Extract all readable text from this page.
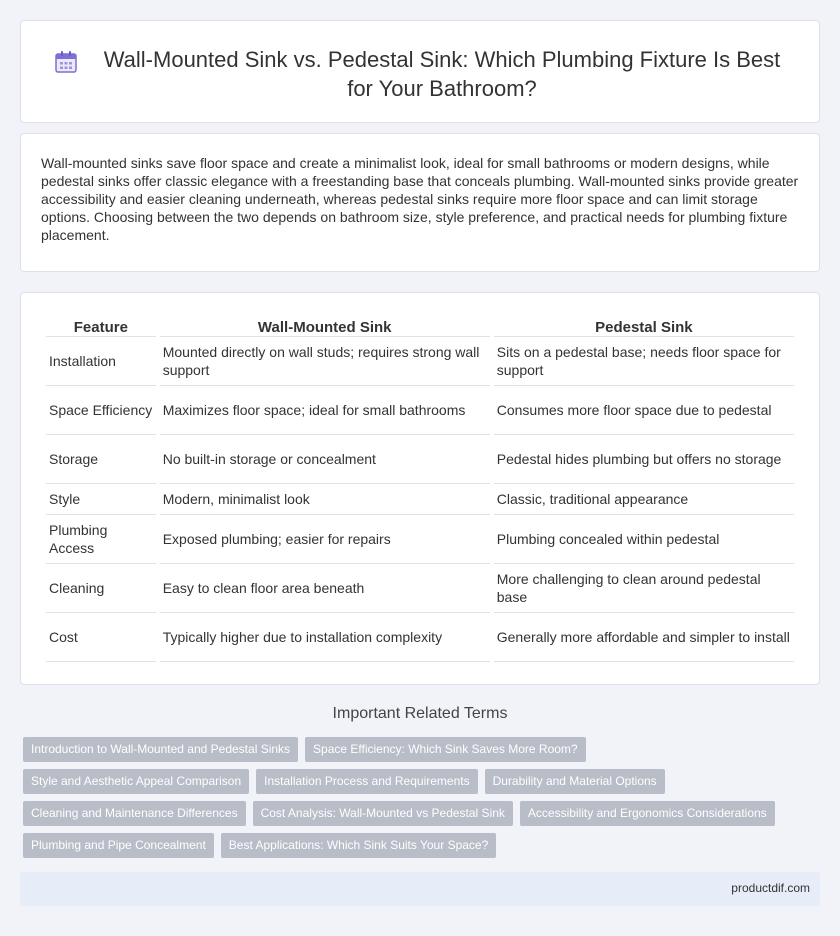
Wall-Mounted Sink vs. Pedestal Sink: Which Plumbing Fixture Is Best for Your Bathroom?

Wall-mounted sinks save floor space and create a minimalist look, ideal for small bathrooms or modern designs, while pedestal sinks offer classic elegance with a freestanding base that conceals plumbing. Wall-mounted sinks provide greater accessibility and easier cleaning underneath, whereas pedestal sinks require more floor space and can limit storage options. Choosing between the two depends on bathroom size, style preference, and practical needs for plumbing fixture placement.

Feature	Wall-Mounted Sink	Pedestal Sink
Installation	Mounted directly on wall studs; requires strong wall support	Sits on a pedestal base; needs floor space for support
Space Efficiency	Maximizes floor space; ideal for small bathrooms	Consumes more floor space due to pedestal
Storage	No built-in storage or concealment	Pedestal hides plumbing but offers no storage
Style	Modern, minimalist look	Classic, traditional appearance
Plumbing Access	Exposed plumbing; easier for repairs	Plumbing concealed within pedestal
Cleaning	Easy to clean floor area beneath	More challenging to clean around pedestal base
Cost	Typically higher due to installation complexity	Generally more affordable and simpler to install
Important Related Terms
Introduction to Wall-Mounted and Pedestal Sinks	Space Efficiency: Which Sink Saves More Room?
Style and Aesthetic Appeal Comparison	Installation Process and Requirements	Durability and Material Options
Cleaning and Maintenance Differences	Cost Analysis: Wall-Mounted vs Pedestal Sink	Accessibility and Ergonomics Considerations
Plumbing and Pipe Concealment	Best Applications: Which Sink Suits Your Space?
productdif.com
